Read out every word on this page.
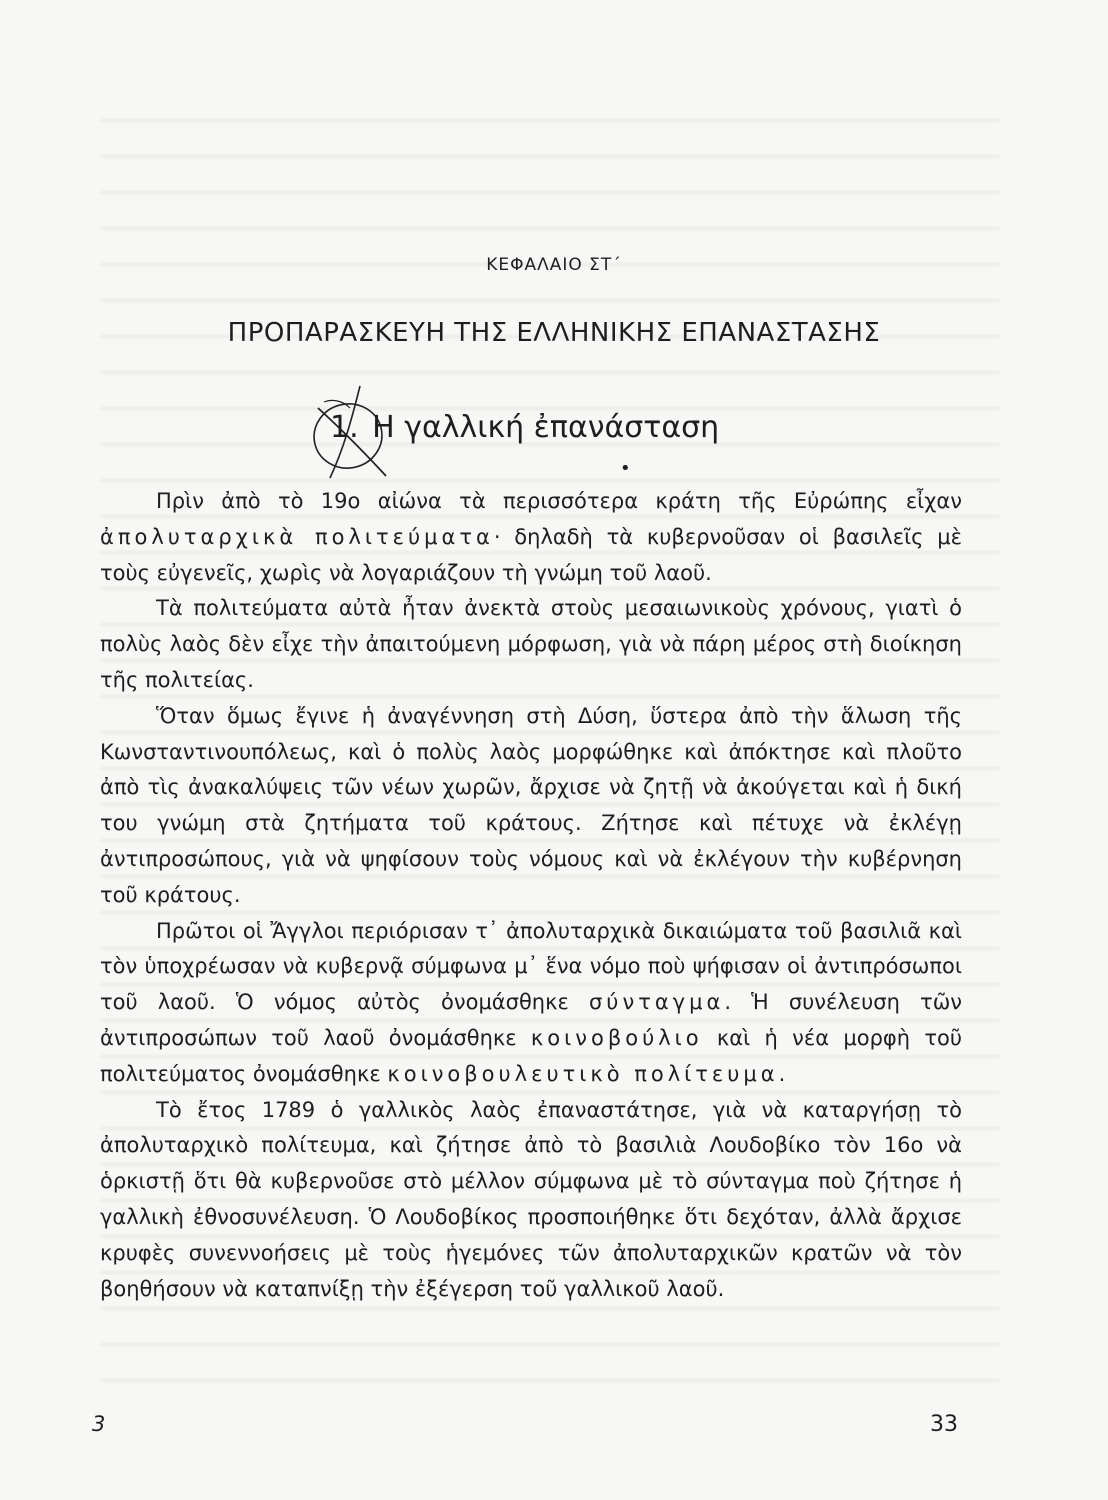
ΚΕΦΑΛΑΙΟ ΣΤ΄
ΠΡΟΠΑΡΑΣΚΕΥΗ ΤΗΣ ΕΛΛΗΝΙΚΗΣ ΕΠΑΝΑΣΤΑΣΗΣ
1. Η γαλλική ἐπανάσταση
•

Πρὶν ἀπὸ τὸ 19ο αἰώνα τὰ περισσότερα κράτη τῆς Εὐρώπης εἶχαν ἀπολυταρχικὰ πολιτεύματα· δηλαδὴ τὰ κυβερνοῦσαν οἱ βασιλεῖς μὲ τοὺς εὐγενεῖς, χωρὶς νὰ λογαριάζουν τὴ γνώμη τοῦ λαοῦ.

Τὰ πολιτεύματα αὐτὰ ἦταν ἀνεκτὰ στοὺς μεσαιωνικοὺς χρόνους, γιατὶ ὁ πολὺς λαὸς δὲν εἶχε τὴν ἀπαιτούμενη μόρφωση, γιὰ νὰ πάρη μέρος στὴ διοίκηση τῆς πολιτείας.

Ὅταν ὅμως ἔγινε ἡ ἀναγέννηση στὴ Δύση, ὕστερα ἀπὸ τὴν ἅλωση τῆς Κωνσταντινουπόλεως, καὶ ὁ πολὺς λαὸς μορφώθηκε καὶ ἀπόκτησε καὶ πλοῦτο ἀπὸ τὶς ἀνακαλύψεις τῶν νέων χωρῶν, ἄρχισε νὰ ζητῇ νὰ ἀκούγεται καὶ ἡ δική του γνώμη στὰ ζητήματα τοῦ κράτους. Ζήτησε καὶ πέτυχε νὰ ἐκλέγῃ ἀντιπροσώπους, γιὰ νὰ ψηφίσουν τοὺς νόμους καὶ νὰ ἐκλέγουν τὴν κυβέρνηση τοῦ κράτους.

Πρῶτοι οἱ Ἄγγλοι περιόρισαν τ᾽ ἀπολυταρχικὰ δικαιώματα τοῦ βασιλιᾶ καὶ τὸν ὑποχρέωσαν νὰ κυβερνᾷ σύμφωνα μ᾽ ἕνα νόμο ποὺ ψήφισαν οἱ ἀντιπρόσωποι τοῦ λαοῦ. Ὁ νόμος αὐτὸς ὀνομάσθηκε σύνταγμα. Ἡ συνέλευση τῶν ἀντιπροσώπων τοῦ λαοῦ ὀνομάσθηκε κοινοβούλιο καὶ ἡ νέα μορφὴ τοῦ πολιτεύματος ὀνομάσθηκε κοινοβουλευτικὸ πολίτευμα.

Τὸ ἔτος 1789 ὁ γαλλικὸς λαὸς ἐπαναστάτησε, γιὰ νὰ καταργήσῃ τὸ ἀπολυταρχικὸ πολίτευμα, καὶ ζήτησε ἀπὸ τὸ βασιλιὰ Λουδοβίκο τὸν 16ο νὰ ὁρκιστῇ ὅτι θὰ κυβερνοῦσε στὸ μέλλον σύμφωνα μὲ τὸ σύνταγμα ποὺ ζήτησε ἡ γαλλικὴ ἐθνοσυνέλευση. Ὁ Λουδοβίκος προσποιήθηκε ὅτι δεχόταν, ἀλλὰ ἄρχισε κρυφὲς συνεννοήσεις μὲ τοὺς ἡγεμόνες τῶν ἀπολυταρχικῶν κρατῶν νὰ τὸν βοηθήσουν νὰ καταπνίξῃ τὴν ἐξέγερση τοῦ γαλλικοῦ λαοῦ.

3	33
